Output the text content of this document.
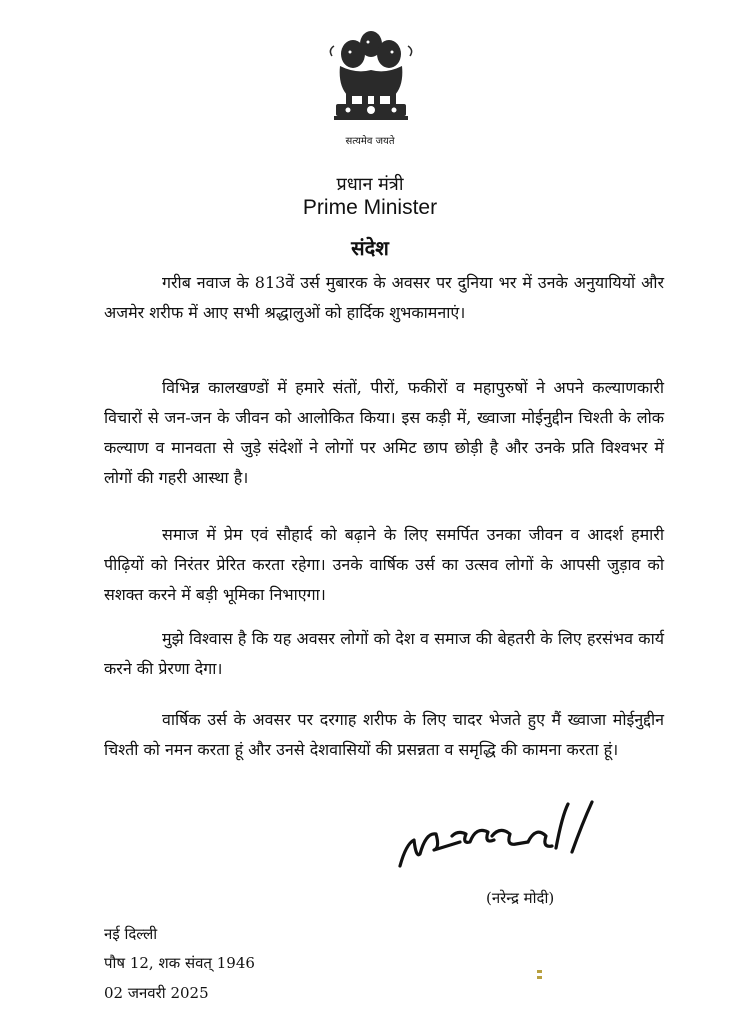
सत्यमेव जयते
प्रधान मंत्री
Prime Minister
संदेश

गरीब नवाज के 813वें उर्स मुबारक के अवसर पर दुनिया भर में उनके अनुयायियों और अजमेर शरीफ में आए सभी श्रद्धालुओं को हार्दिक शुभकामनाएं।

विभिन्न कालखण्डों में हमारे संतों, पीरों, फकीरों व महापुरुषों ने अपने कल्याणकारी विचारों से जन-जन के जीवन को आलोकित किया। इस कड़ी में, ख्वाजा मोईनुद्दीन चिश्ती के लोक कल्याण व मानवता से जुड़े संदेशों ने लोगों पर अमिट छाप छोड़ी है और उनके प्रति विश्वभर में लोगों की गहरी आस्था है।

समाज में प्रेम एवं सौहार्द को बढ़ाने के लिए समर्पित उनका जीवन व आदर्श हमारी पीढ़ियों को निरंतर प्रेरित करता रहेगा। उनके वार्षिक उर्स का उत्सव लोगों के आपसी जुड़ाव को सशक्त करने में बड़ी भूमिका निभाएगा।

मुझे विश्वास है कि यह अवसर लोगों को देश व समाज की बेहतरी के लिए हरसंभव कार्य करने की प्रेरणा देगा।

वार्षिक उर्स के अवसर पर दरगाह शरीफ के लिए चादर भेजते हुए मैं ख्वाजा मोईनुद्दीन चिश्ती को नमन करता हूं और उनसे देशवासियों की प्रसन्नता व समृद्धि की कामना करता हूं।

(नरेन्द्र मोदी)
नई दिल्ली
पौष 12, शक संवत् 1946
02 जनवरी 2025
